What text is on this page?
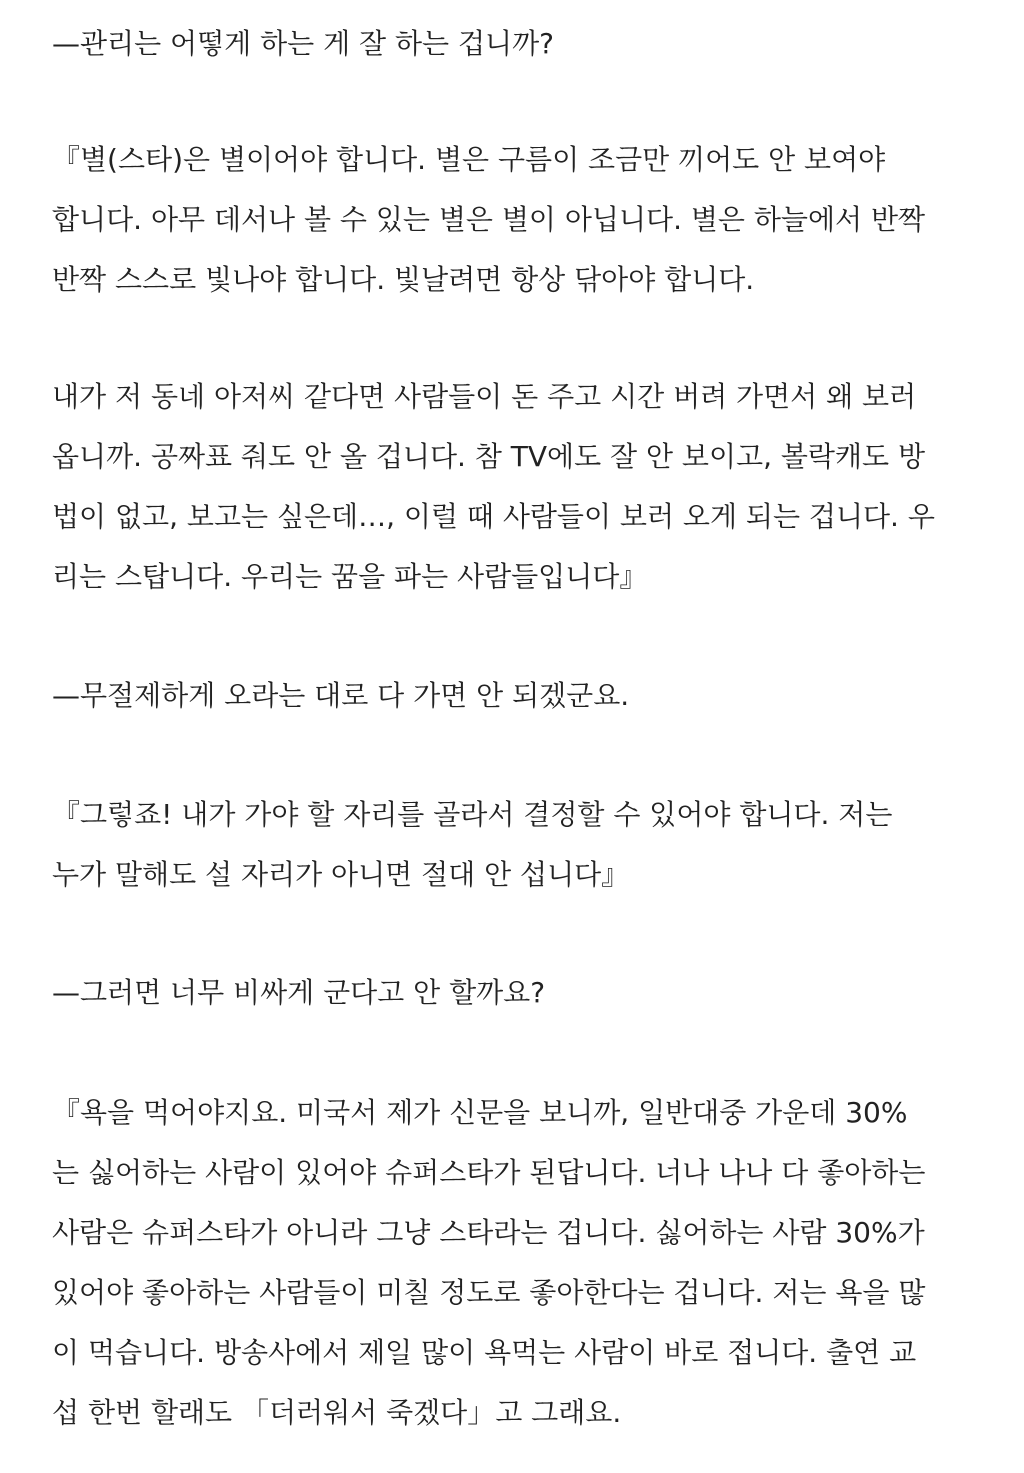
—관리는 어떻게 하는 게 잘 하는 겁니까?
『별(스타)은 별이어야 합니다. 별은 구름이 조금만 끼어도 안 보여야
합니다. 아무 데서나 볼 수 있는 별은 별이 아닙니다. 별은 하늘에서 반짝
반짝 스스로 빛나야 합니다. 빛날려면 항상 닦아야 합니다.
내가 저 동네 아저씨 같다면 사람들이 돈 주고 시간 버려 가면서 왜 보러
옵니까. 공짜표 줘도 안 올 겁니다. 참 TV에도 잘 안 보이고, 볼락캐도 방
법이 없고, 보고는 싶은데…, 이럴 때 사람들이 보러 오게 되는 겁니다. 우
리는 스탑니다. 우리는 꿈을 파는 사람들입니다』
—무절제하게 오라는 대로 다 가면 안 되겠군요.
『그렇죠! 내가 가야 할 자리를 골라서 결정할 수 있어야 합니다. 저는
누가 말해도 설 자리가 아니면 절대 안 섭니다』
—그러면 너무 비싸게 군다고 안 할까요?
『욕을 먹어야지요. 미국서 제가 신문을 보니까, 일반대중 가운데 30%
는 싫어하는 사람이 있어야 슈퍼스타가 된답니다. 너나 나나 다 좋아하는
사람은 슈퍼스타가 아니라 그냥 스타라는 겁니다. 싫어하는 사람 30%가
있어야 좋아하는 사람들이 미칠 정도로 좋아한다는 겁니다. 저는 욕을 많
이 먹습니다. 방송사에서 제일 많이 욕먹는 사람이 바로 접니다. 출연 교
섭 한번 할래도 「더러워서 죽겠다」고 그래요.
